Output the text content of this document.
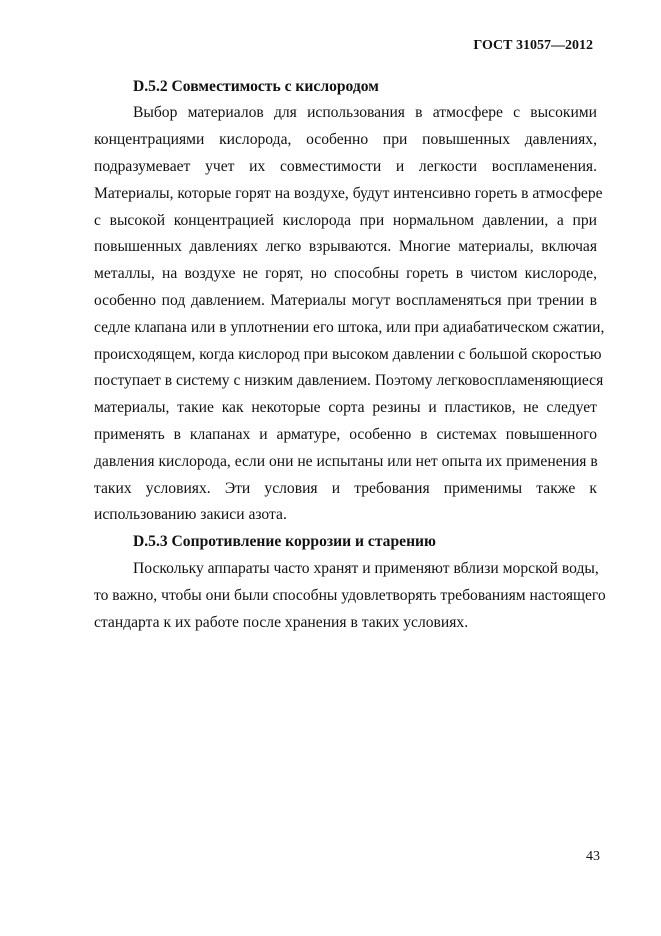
ГОСТ 31057—2012
D.5.2 Совместимость с кислородом
Выбор материалов для использования в атмосфере с высокими
концентрациями кислорода, особенно при повышенных давлениях,
подразумевает учет их совместимости и легкости воспламенения.
Материалы, которые горят на воздухе, будут интенсивно гореть в атмосфере
с высокой концентрацией кислорода при нормальном давлении, а при
повышенных давлениях легко взрываются. Многие материалы, включая
металлы, на воздухе не горят, но способны гореть в чистом кислороде,
особенно под давлением. Материалы могут воспламеняться при трении в
седле клапана или в уплотнении его штока, или при адиабатическом сжатии,
происходящем, когда кислород при высоком давлении с большой скоростью
поступает в систему с низким давлением. Поэтому легковоспламеняющиеся
материалы, такие как некоторые сорта резины и пластиков, не следует
применять в клапанах и арматуре, особенно в системах повышенного
давления кислорода, если они не испытаны или нет опыта их применения в
таких условиях. Эти условия и требования применимы также к
использованию закиси азота.
D.5.3 Сопротивление коррозии и старению
Поскольку аппараты часто хранят и применяют вблизи морской воды,
то важно, чтобы они были способны удовлетворять требованиям настоящего
стандарта к их работе после хранения в таких условиях.
43
